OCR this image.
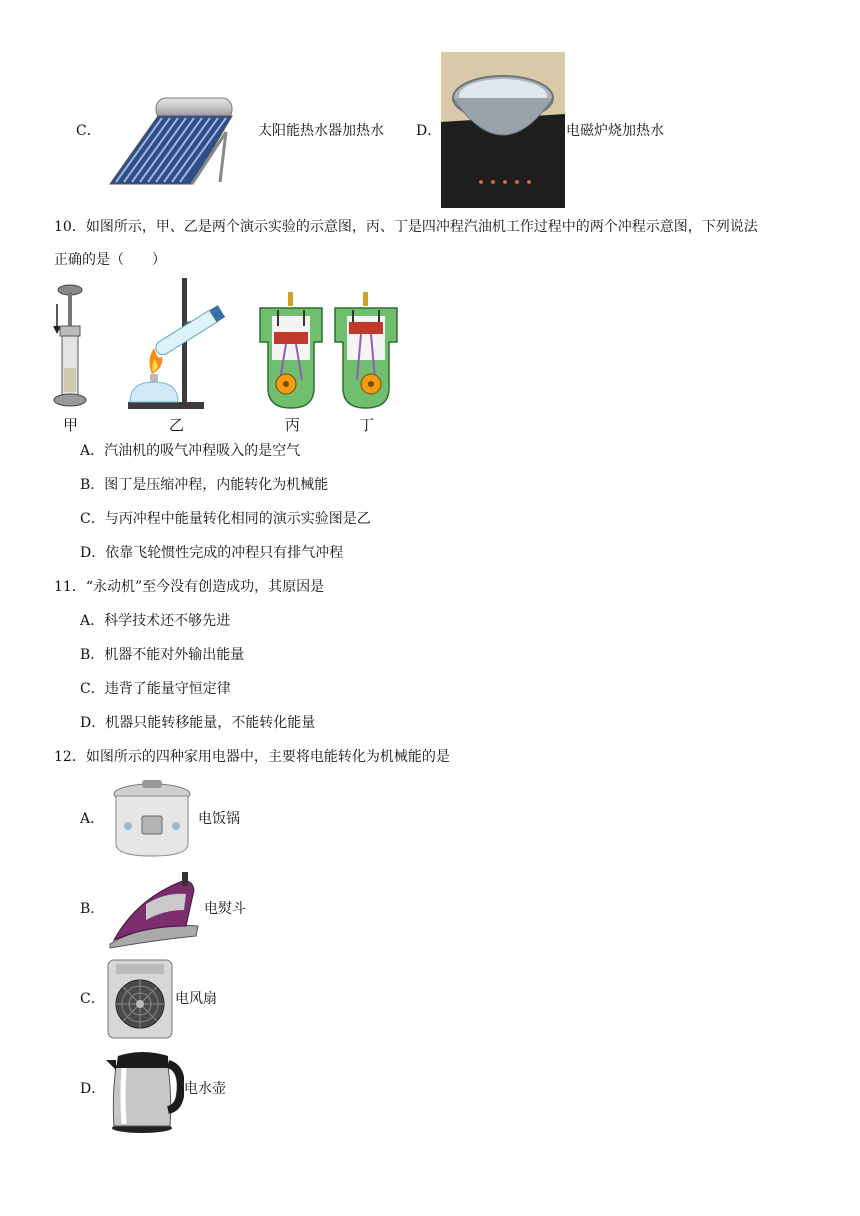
C．	太阳能热水器加热水 D．	电磁炉烧加热水
10．如图所示，甲、乙是两个演示实验的示意图，丙、丁是四冲程汽油机工作过程中的两个冲程示意图，下列说法
正确的是（　　）
甲	乙	丙	丁
A．汽油机的吸气冲程吸入的是空气
B．图丁是压缩冲程，内能转化为机械能
C．与丙冲程中能量转化相同的演示实验图是乙
D．依靠飞轮惯性完成的冲程只有排气冲程
11．“永动机”至今没有创造成功，其原因是
A．科学技术还不够先进
B．机器不能对外输出能量
C．违背了能量守恒定律
D．机器只能转移能量，不能转化能量
12．如图所示的四种家用电器中，主要将电能转化为机械能的是
A．	电饭锅
B．	电熨斗
C．	电风扇
D．	电水壶
